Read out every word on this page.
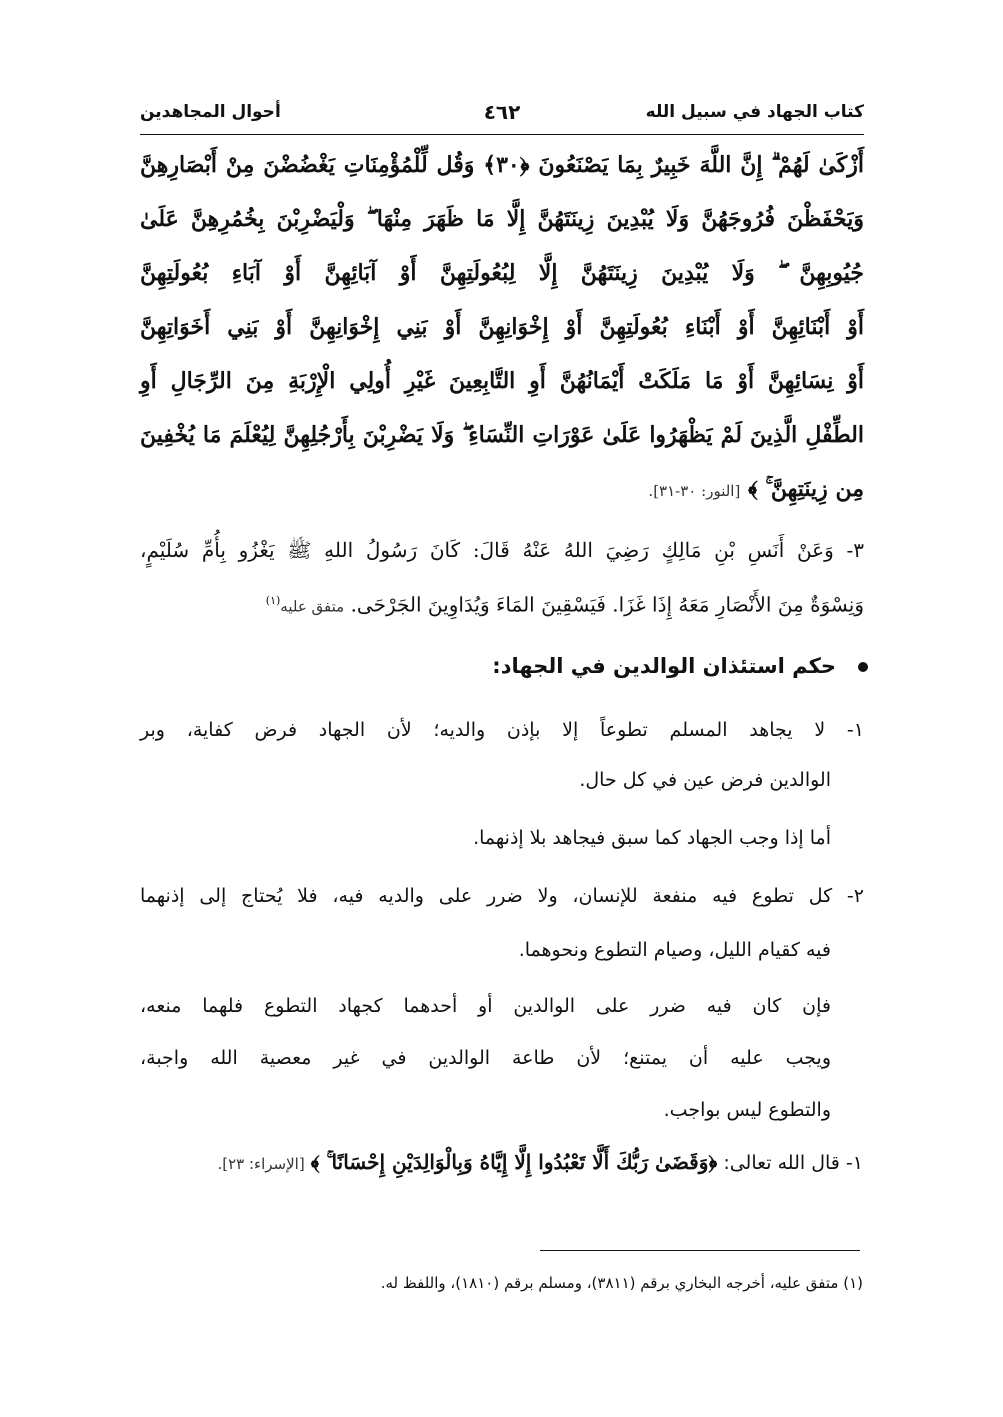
كتاب الجهاد في سبيل الله
٤٦٢
أحوال المجاهدين
أَزْكَىٰ لَهُمْ ۗ إِنَّ اللَّهَ خَبِيرٌ بِمَا يَصْنَعُونَ ﴿٣٠﴾ وَقُل لِّلْمُؤْمِنَاتِ يَغْضُضْنَ مِنْ أَبْصَارِهِنَّ
وَيَحْفَظْنَ فُرُوجَهُنَّ وَلَا يُبْدِينَ زِينَتَهُنَّ إِلَّا مَا ظَهَرَ مِنْهَا ۖ وَلْيَضْرِبْنَ بِخُمُرِهِنَّ عَلَىٰ
جُيُوبِهِنَّ ۖ وَلَا يُبْدِينَ زِينَتَهُنَّ إِلَّا لِبُعُولَتِهِنَّ أَوْ آبَائِهِنَّ أَوْ آبَاءِ بُعُولَتِهِنَّ
أَوْ أَبْنَائِهِنَّ أَوْ أَبْنَاءِ بُعُولَتِهِنَّ أَوْ إِخْوَانِهِنَّ أَوْ بَنِي إِخْوَانِهِنَّ أَوْ بَنِي أَخَوَاتِهِنَّ
أَوْ نِسَائِهِنَّ أَوْ مَا مَلَكَتْ أَيْمَانُهُنَّ أَوِ التَّابِعِينَ غَيْرِ أُولِي الْإِرْبَةِ مِنَ الرِّجَالِ أَوِ
الطِّفْلِ الَّذِينَ لَمْ يَظْهَرُوا عَلَىٰ عَوْرَاتِ النِّسَاءِ ۖ وَلَا يَضْرِبْنَ بِأَرْجُلِهِنَّ لِيُعْلَمَ مَا يُخْفِينَ
مِن زِينَتِهِنَّ ۚ ﴾ [النور: ٣٠-٣١].
٣- وَعَنْ أَنَسِ بْنِ مَالِكٍ رَضِيَ اللهُ عَنْهُ قَالَ: كَانَ رَسُولُ اللهِ ﷺ يَغْزُو بِأُمِّ سُلَيْمٍ،
وَنِسْوَةٌ مِنَ الأَنْصَارِ مَعَهُ إِذَا غَزَا. فَيَسْقِينَ المَاءَ وَيُدَاوِينَ الجَرْحَى. متفق عليه$^{(١)}$
حكم استئذان الوالدين في الجهاد:
١- لا يجاهد المسلم تطوعاً إلا بإذن والديه؛ لأن الجهاد فرض كفاية، وبر
الوالدين فرض عين في كل حال.
أما إذا وجب الجهاد كما سبق فيجاهد بلا إذنهما.
٢- كل تطوع فيه منفعة للإنسان، ولا ضرر على والديه فيه، فلا يُحتاج إلى إذنهما
فيه كقيام الليل، وصيام التطوع ونحوهما.
فإن كان فيه ضرر على الوالدين أو أحدهما كجهاد التطوع فلهما منعه،
ويجب عليه أن يمتنع؛ لأن طاعة الوالدين في غير معصية الله واجبة،
والتطوع ليس بواجب.
١- قال الله تعالى: ﴿وَقَضَىٰ رَبُّكَ أَلَّا تَعْبُدُوا إِلَّا إِيَّاهُ وَبِالْوَالِدَيْنِ إِحْسَانًا ۚ ﴾ [الإسراء: ٢٣].
(١) متفق عليه، أخرجه البخاري برقم (٣٨١١)، ومسلم برقم (١٨١٠)، واللفظ له.
